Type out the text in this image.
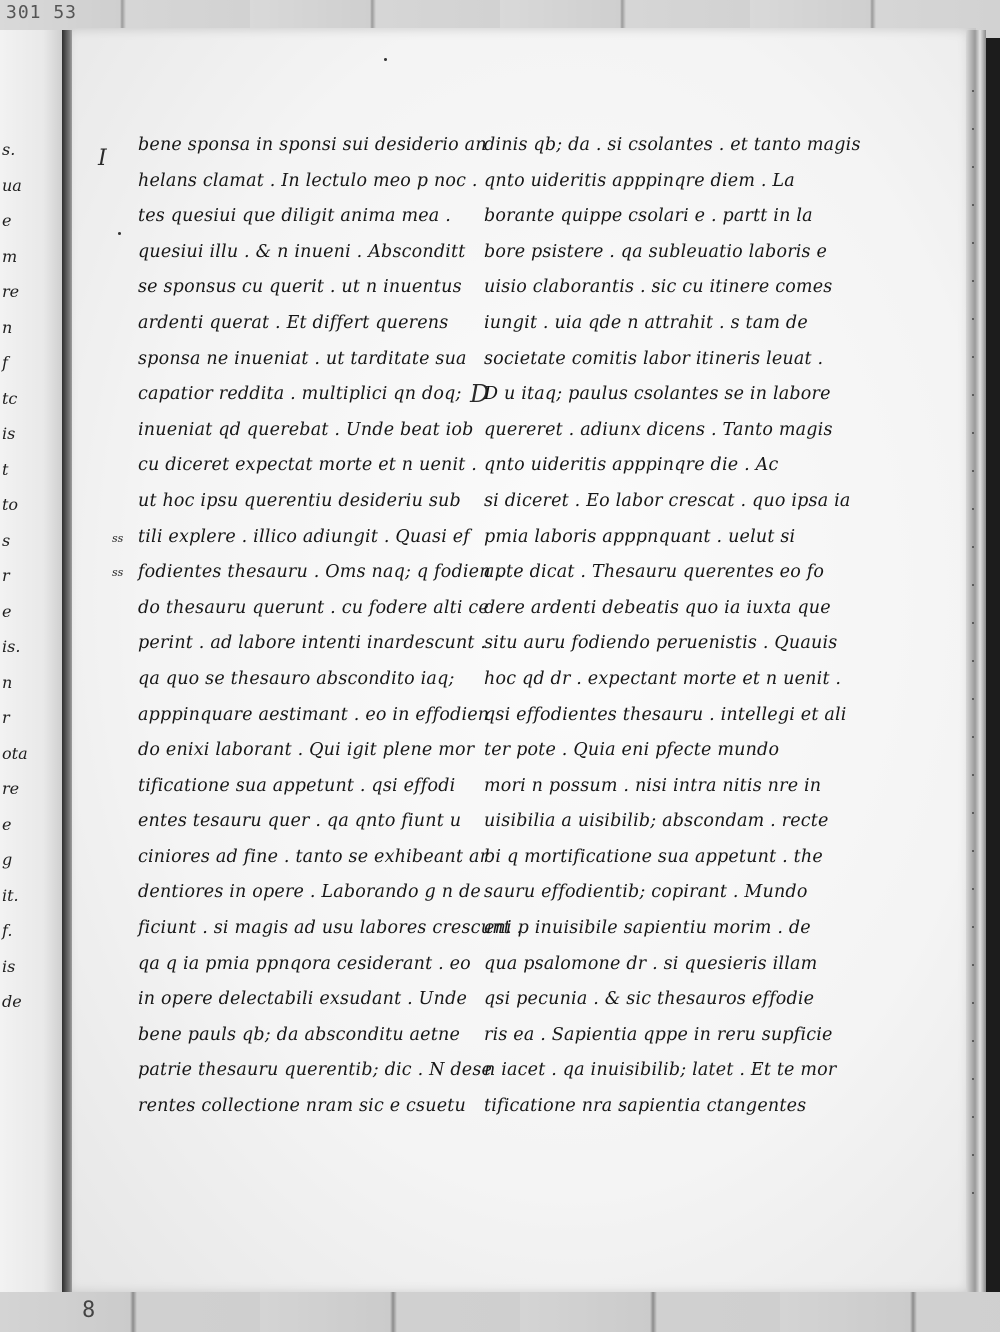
301 53
s.
ua
e
m
re
n
f
tc
is
t
to
s
r
e
is.
n
r
ota
re
e
g
it.
f.
is
de
I
ss
ss
D
bene sponsa in sponsi sui desiderio an
helans clamat . In lectulo meo p noc .
tes quesiui que diligit anima mea .
quesiui illu . & n inueni . Absconditt
se sponsus cu querit . ut n inuentus
ardenti querat . Et differt querens
sponsa ne inueniat . ut tarditate sua
capatior reddita . multiplici qn doq;
inueniat qd querebat . Unde beat iob
cu diceret expectat morte et n uenit .
ut hoc ipsu querentiu desideriu sub
tili explere . illico adiungit . Quasi ef
fodientes thesauru . Oms naq; q fodien .
do thesauru querunt . cu fodere alti ce
perint . ad labore intenti inardescunt .
qa quo se thesauro abscondito iaq;
apppinquare aestimant . eo in effodien
do enixi laborant . Qui igit plene mor
tificatione sua appetunt . qsi effodi
entes tesauru quer . qa qnto fiunt u
ciniores ad fine . tanto se exhibeant ar
dentiores in opere . Laborando g n de
ficiunt . si magis ad usu labores crescunt .
qa q ia pmia ppnqora cesiderant . eo
in opere delectabili exsudant . Unde
bene pauls qb; da absconditu aetne
patrie thesauru querentib; dic . N dese
rentes collectione nram sic e csuetu
dinis qb; da . si csolantes . et tanto magis
qnto uideritis apppinqre diem . La
borante quippe csolari e . partt in la
bore psistere . qa subleuatio laboris e
uisio claborantis . sic cu itinere comes
iungit . uia qde n attrahit . s tam de
societate comitis labor itineris leuat .
D u itaq; paulus csolantes se in labore
quereret . adiunx dicens . Tanto magis
qnto uideritis apppinqre die . Ac
si diceret . Eo labor crescat . quo ipsa ia
pmia laboris apppnquant . uelut si
apte dicat . Thesauru querentes eo fo
dere ardenti debeatis quo ia iuxta que
situ auru fodiendo peruenistis . Quauis
hoc qd dr . expectant morte et n uenit .
qsi effodientes thesauru . intellegi et ali
ter pote . Quia eni pfecte mundo
mori n possum . nisi intra nitis nre in
uisibilia a uisibilib; abscondam . recte
bi q mortificatione sua appetunt . the
sauru effodientib; copirant . Mundo
eni p inuisibile sapientiu morim . de
qua psalomone dr . si quesieris illam
qsi pecunia . & sic thesauros effodie
ris ea . Sapientia qppe in reru supficie
n iacet . qa inuisibilib; latet . Et te mor
tificatione nra sapientia ctangentes
8
